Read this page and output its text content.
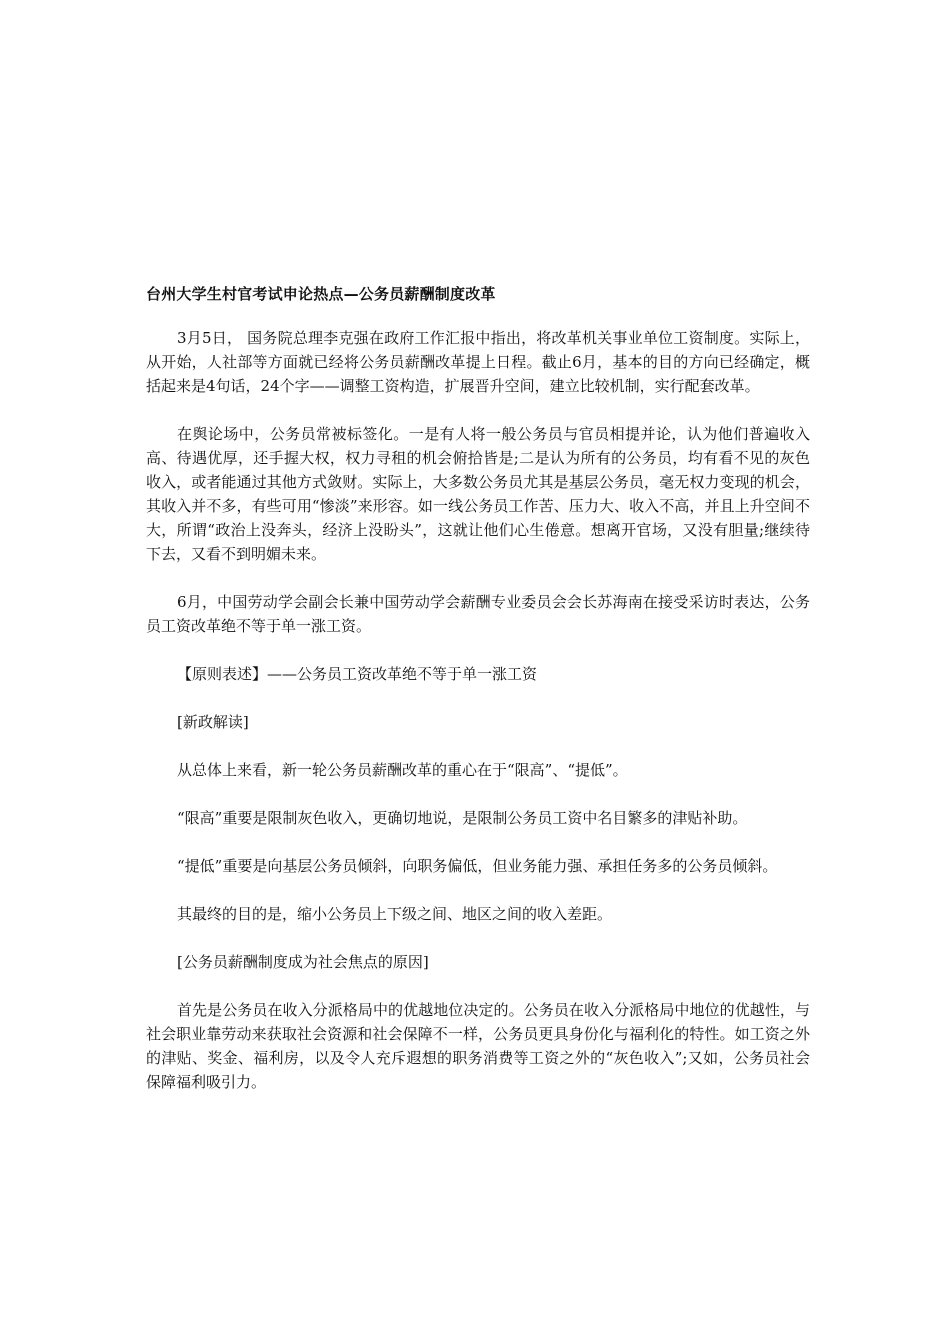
台州大学生村官考试申论热点—公务员薪酬制度改革

3月5日， 国务院总理李克强在政府工作汇报中指出，将改革机关事业单位工资制度。实际上，从开始，人社部等方面就已经将公务员薪酬改革提上日程。截止6月，基本的目的方向已经确定，概括起来是4句话，24个字——调整工资构造，扩展晋升空间，建立比较机制，实行配套改革。

在舆论场中，公务员常被标签化。一是有人将一般公务员与官员相提并论，认为他们普遍收入高、待遇优厚，还手握大权，权力寻租的机会俯拾皆是;二是认为所有的公务员，均有看不见的灰色收入，或者能通过其他方式敛财。实际上，大多数公务员尤其是基层公务员，毫无权力变现的机会，其收入并不多，有些可用“惨淡”来形容。如一线公务员工作苦、压力大、收入不高，并且上升空间不大，所谓“政治上没奔头，经济上没盼头”，这就让他们心生倦意。想离开官场，又没有胆量;继续待下去，又看不到明媚未来。

6月，中国劳动学会副会长兼中国劳动学会薪酬专业委员会会长苏海南在接受采访时表达，公务员工资改革绝不等于单一涨工资。

【原则表述】——公务员工资改革绝不等于单一涨工资

[新政解读]

从总体上来看，新一轮公务员薪酬改革的重心在于“限高”、“提低”。

“限高”重要是限制灰色收入，更确切地说，是限制公务员工资中名目繁多的津贴补助。

“提低”重要是向基层公务员倾斜，向职务偏低，但业务能力强、承担任务多的公务员倾斜。

其最终的目的是，缩小公务员上下级之间、地区之间的收入差距。

[公务员薪酬制度成为社会焦点的原因]

首先是公务员在收入分派格局中的优越地位决定的。公务员在收入分派格局中地位的优越性，与社会职业靠劳动来获取社会资源和社会保障不一样，公务员更具身份化与福利化的特性。如工资之外的津贴、奖金、福利房，以及令人充斥遐想的职务消费等工资之外的“灰色收入”;又如，公务员社会保障福利吸引力。
